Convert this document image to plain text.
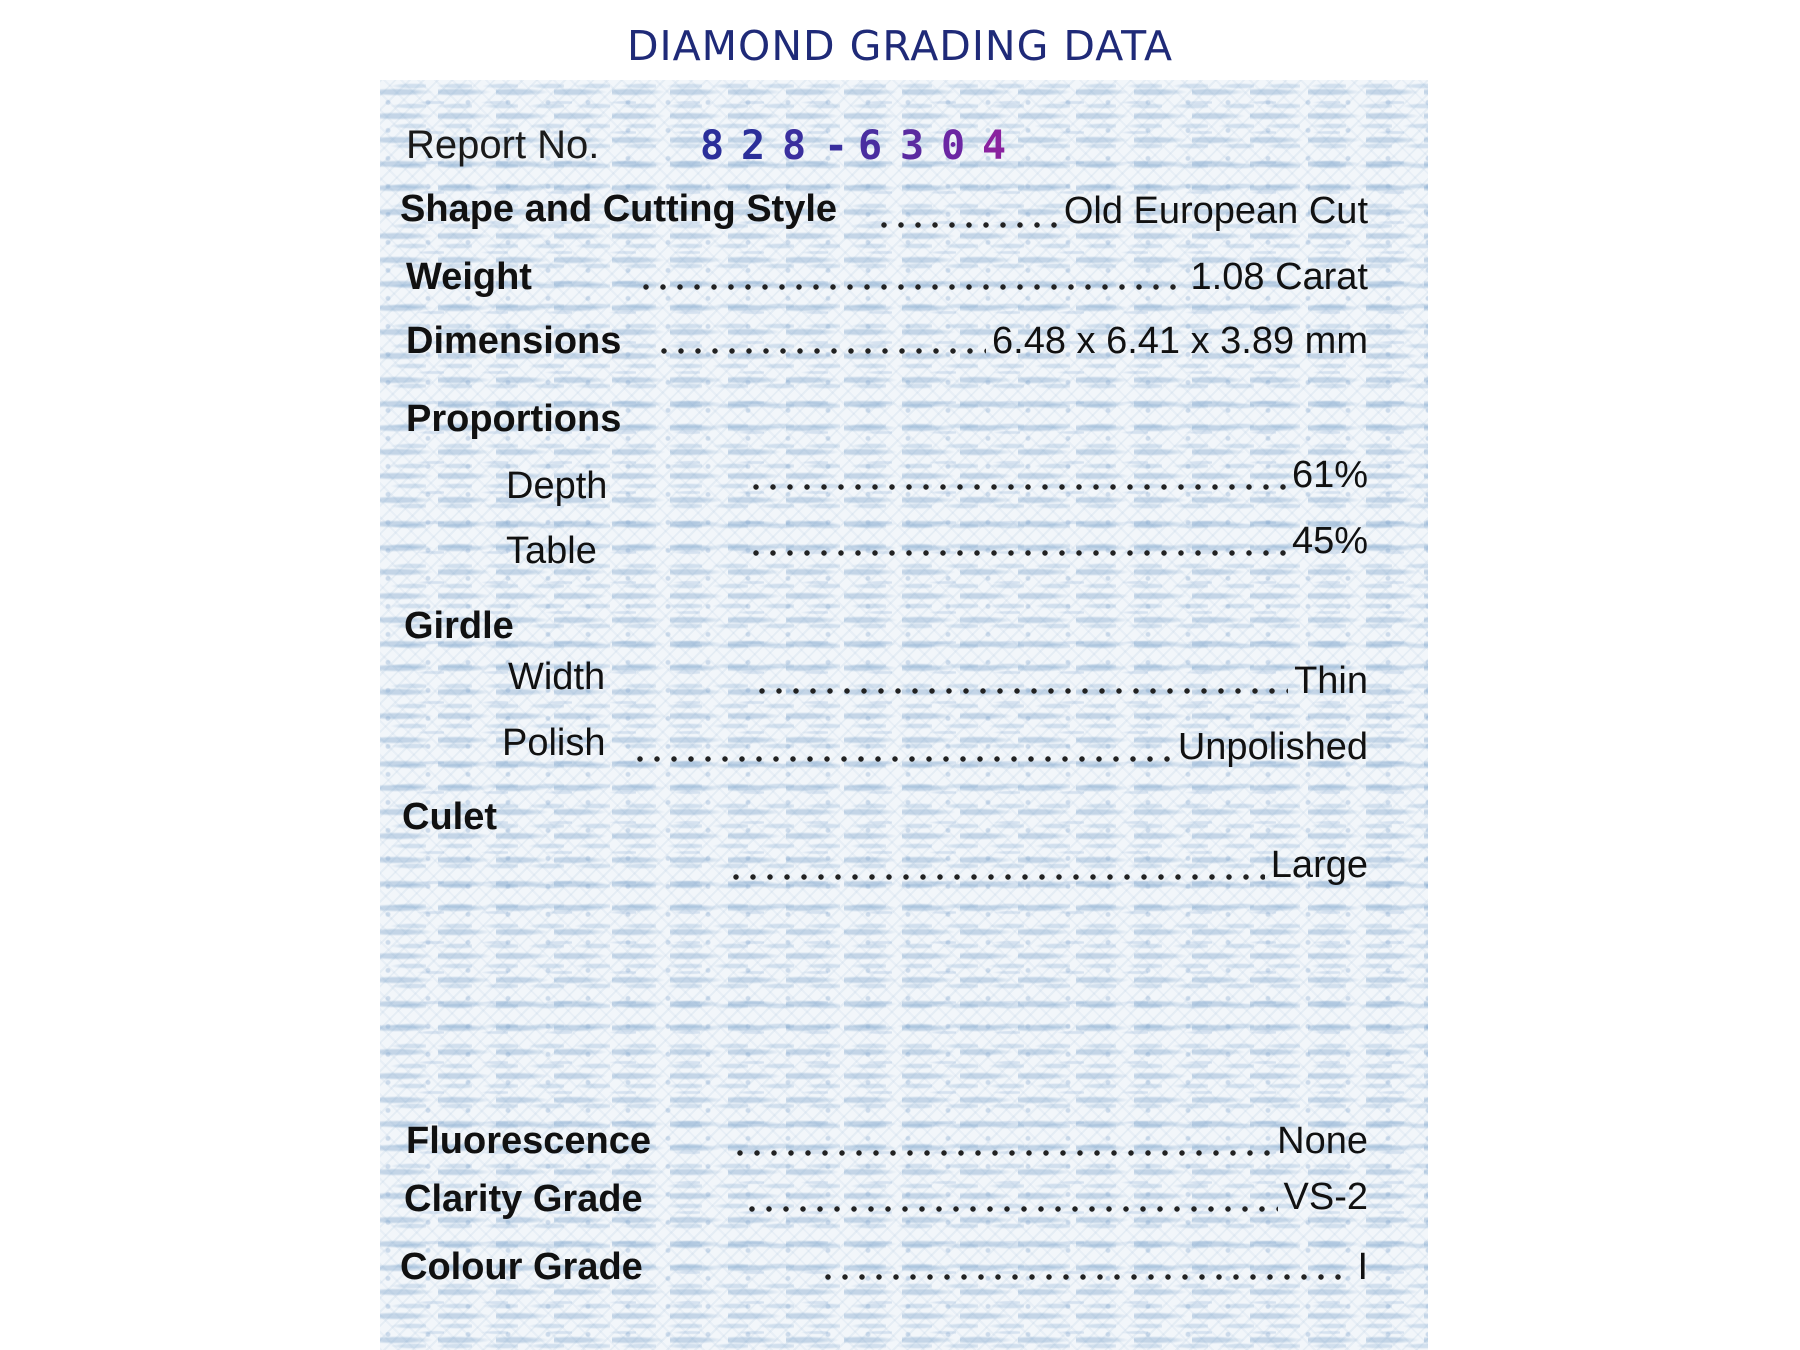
DIAMOND GRADING DATA
Report No.	8 2 8 - 6 3 0 4
Shape and Cutting Style	Old European Cut
Weight	1.08 Carat
Dimensions	6.48 x 6.41 x 3.89 mm
Proportions
Depth	61%
Table	45%
Girdle
Width	Thin
Polish	Unpolished
Culet
Large
Fluorescence	None
Clarity Grade	VS-2
Colour Grade	I
